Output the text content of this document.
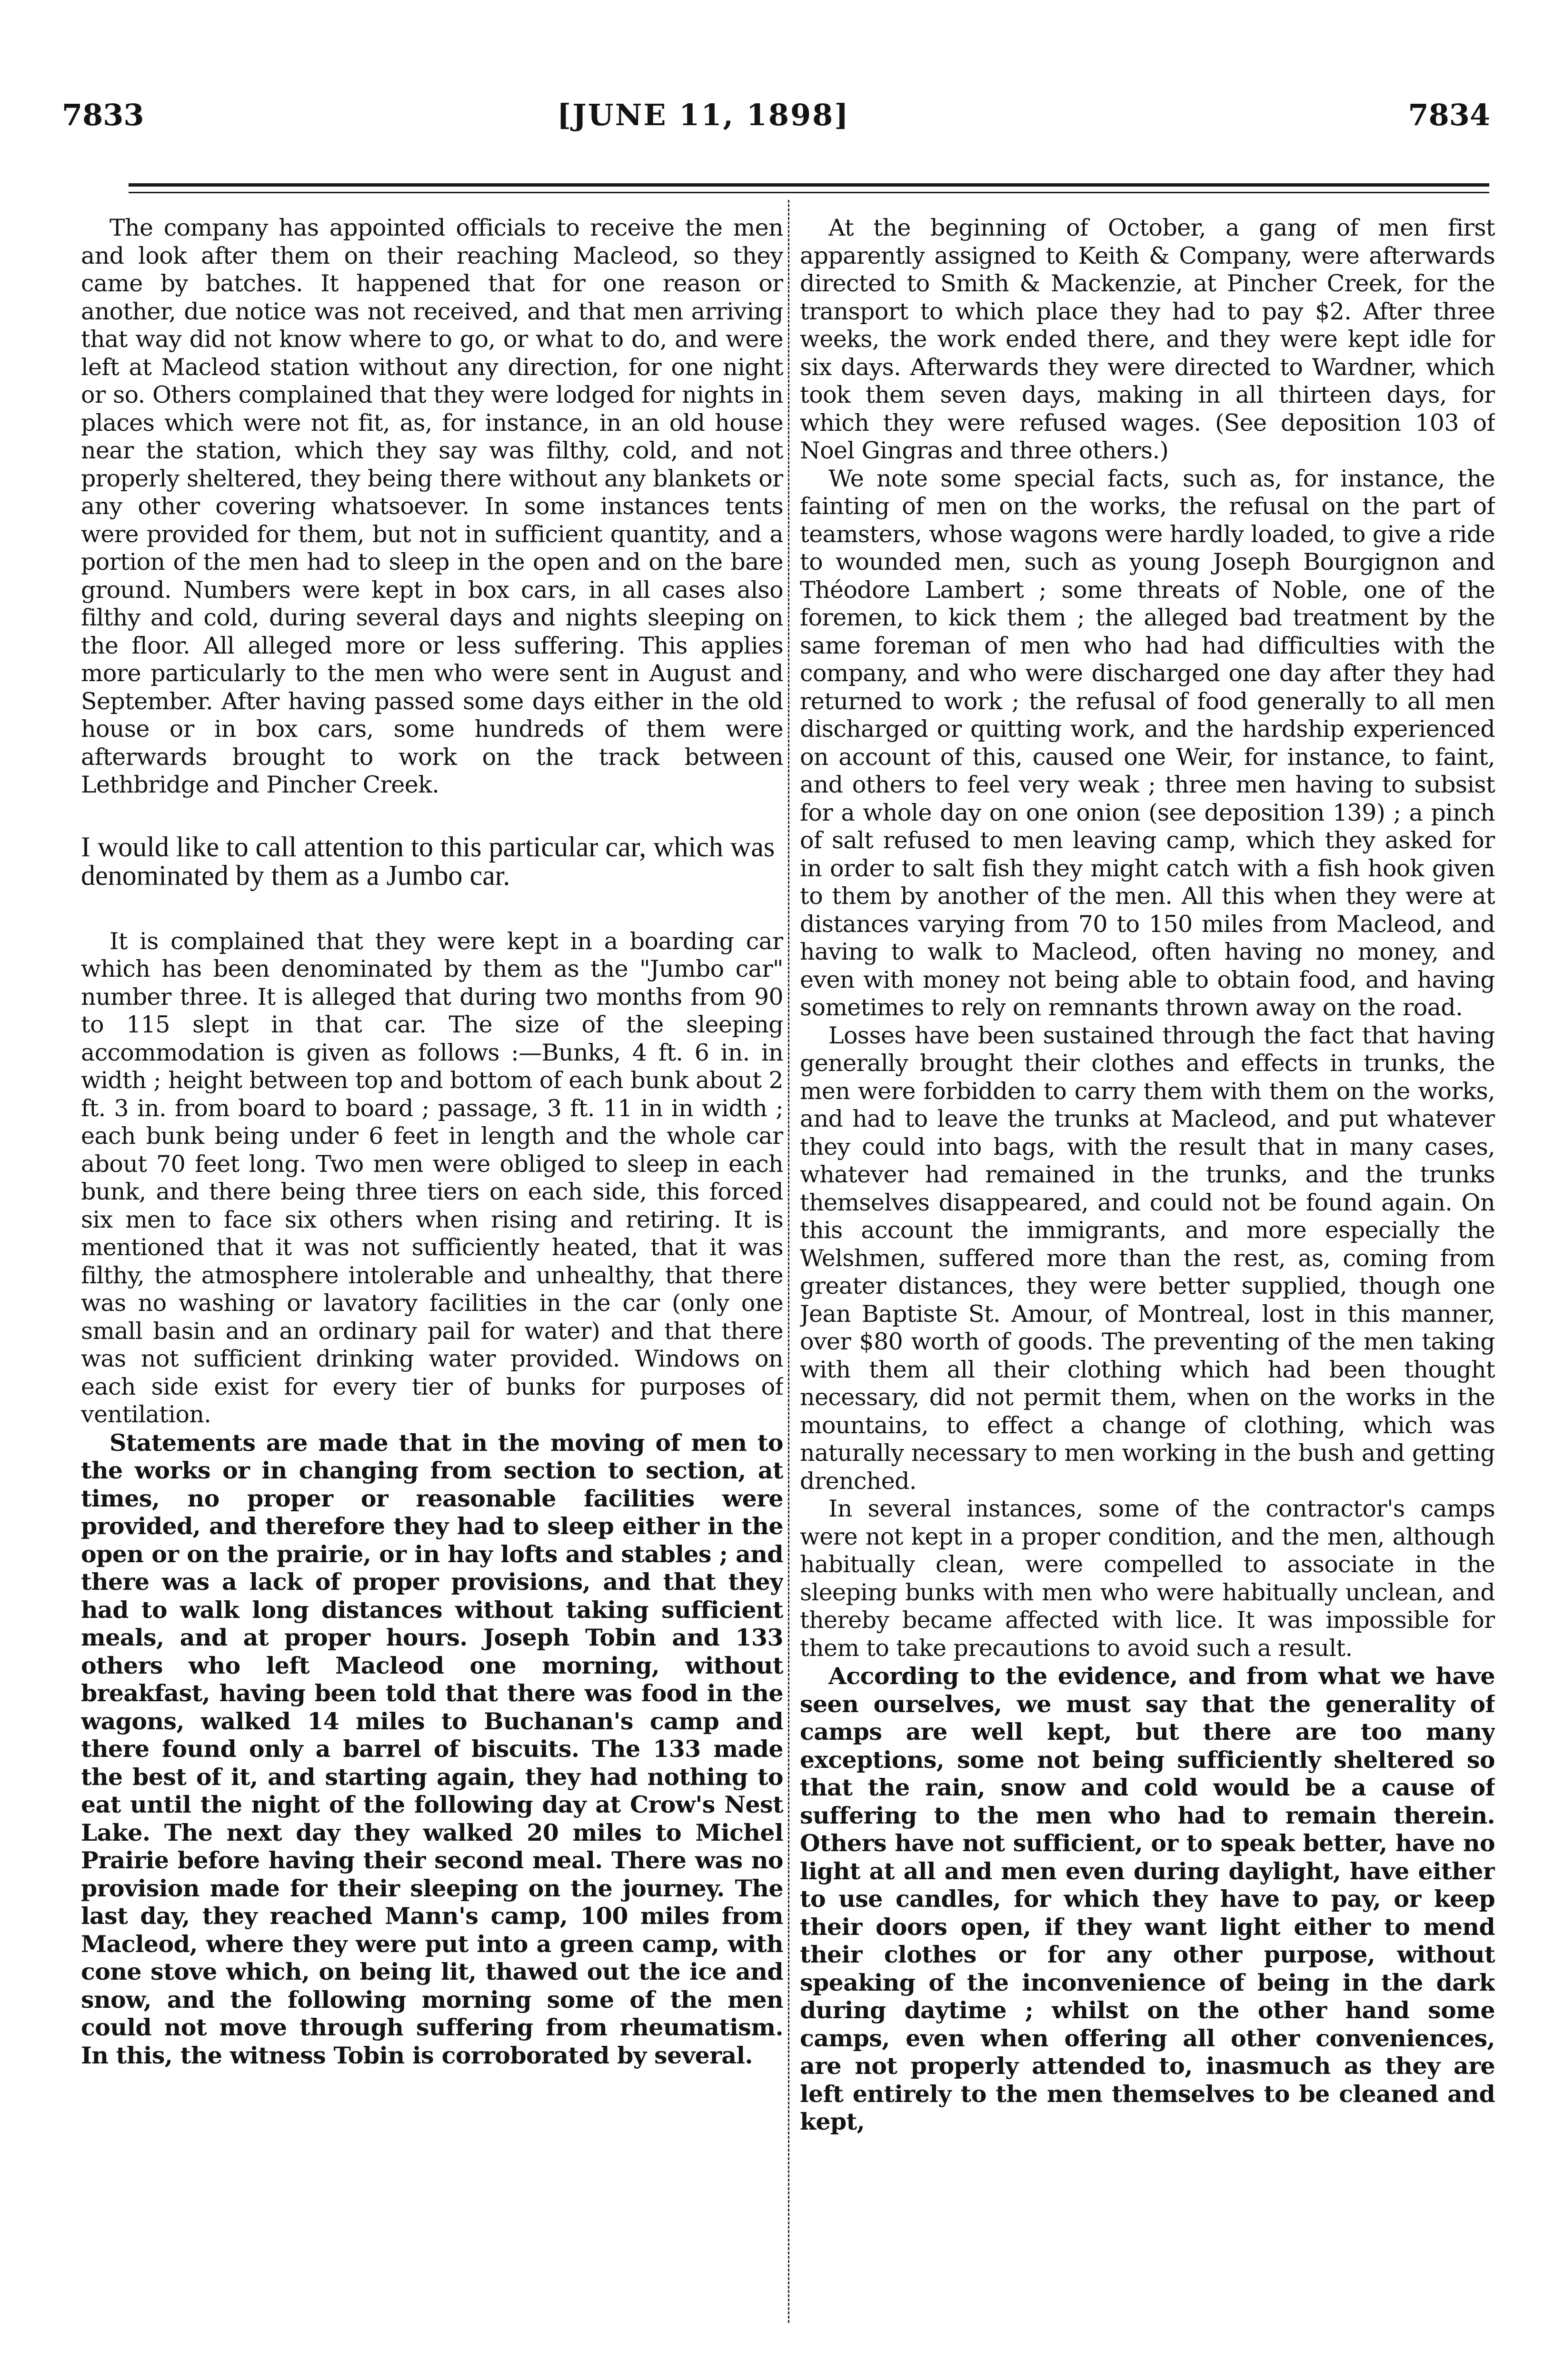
7833	[JUNE 11, 1898]	7834

The company has appointed officials to receive the men and look after them on their reaching Macleod, so they came by batches. It happened that for one reason or another, due notice was not received, and that men arriving that way did not know where to go, or what to do, and were left at Macleod station without any direction, for one night or so. Others complained that they were lodged for nights in places which were not fit, as, for instance, in an old house near the station, which they say was filthy, cold, and not properly sheltered, they being there without any blankets or any other covering whatsoever. In some instances tents were provided for them, but not in sufficient quantity, and a portion of the men had to sleep in the open and on the bare ground. Numbers were kept in box cars, in all cases also filthy and cold, during several days and nights sleeping on the floor. All alleged more or less suffering. This applies more particularly to the men who were sent in August and September. After having passed some days either in the old house or in box cars, some hundreds of them were afterwards brought to work on the track between Lethbridge and Pincher Creek.

I would like to call attention to this particular car, which was denominated by them as a Jumbo car.

It is complained that they were kept in a boarding car which has been denominated by them as the "Jumbo car" number three. It is alleged that during two months from 90 to 115 slept in that car. The size of the sleeping accommodation is given as follows :—Bunks, 4 ft. 6 in. in width ; height between top and bottom of each bunk about 2 ft. 3 in. from board to board ; passage, 3 ft. 11 in in width ; each bunk being under 6 feet in length and the whole car about 70 feet long. Two men were obliged to sleep in each bunk, and there being three tiers on each side, this forced six men to face six others when rising and retiring. It is mentioned that it was not sufficiently heated, that it was filthy, the atmosphere intolerable and unhealthy, that there was no washing or lavatory facilities in the car (only one small basin and an ordinary pail for water) and that there was not sufficient drinking water provided. Windows on each side exist for every tier of bunks for purposes of ventilation.

Statements are made that in the moving of men to the works or in changing from section to section, at times, no proper or reasonable facilities were provided, and therefore they had to sleep either in the open or on the prairie, or in hay lofts and stables ; and there was a lack of proper provisions, and that they had to walk long distances without taking sufficient meals, and at proper hours. Joseph Tobin and 133 others who left Macleod one morning, without breakfast, having been told that there was food in the wagons, walked 14 miles to Buchanan's camp and there found only a barrel of biscuits. The 133 made the best of it, and starting again, they had nothing to eat until the night of the following day at Crow's Nest Lake. The next day they walked 20 miles to Michel Prairie before having their second meal. There was no provision made for their sleeping on the journey. The last day, they reached Mann's camp, 100 miles from Macleod, where they were put into a green camp, with cone stove which, on being lit, thawed out the ice and snow, and the following morning some of the men could not move through suffering from rheumatism. In this, the witness Tobin is corroborated by several.

At the beginning of October, a gang of men first apparently assigned to Keith & Company, were afterwards directed to Smith & Mackenzie, at Pincher Creek, for the transport to which place they had to pay $2. After three weeks, the work ended there, and they were kept idle for six days. Afterwards they were directed to Wardner, which took them seven days, making in all thirteen days, for which they were refused wages. (See deposition 103 of Noel Gingras and three others.)

We note some special facts, such as, for instance, the fainting of men on the works, the refusal on the part of teamsters, whose wagons were hardly loaded, to give a ride to wounded men, such as young Joseph Bourgignon and Théodore Lambert ; some threats of Noble, one of the foremen, to kick them ; the alleged bad treatment by the same foreman of men who had had difficulties with the company, and who were discharged one day after they had returned to work ; the refusal of food generally to all men discharged or quitting work, and the hardship experienced on account of this, caused one Weir, for instance, to faint, and others to feel very weak ; three men having to subsist for a whole day on one onion (see deposition 139) ; a pinch of salt refused to men leaving camp, which they asked for in order to salt fish they might catch with a fish hook given to them by another of the men. All this when they were at distances varying from 70 to 150 miles from Macleod, and having to walk to Macleod, often having no money, and even with money not being able to obtain food, and having sometimes to rely on remnants thrown away on the road.

Losses have been sustained through the fact that having generally brought their clothes and effects in trunks, the men were forbidden to carry them with them on the works, and had to leave the trunks at Macleod, and put whatever they could into bags, with the result that in many cases, whatever had remained in the trunks, and the trunks themselves disappeared, and could not be found again. On this account the immigrants, and more especially the Welshmen, suffered more than the rest, as, coming from greater distances, they were better supplied, though one Jean Baptiste St. Amour, of Montreal, lost in this manner, over $80 worth of goods. The preventing of the men taking with them all their clothing which had been thought necessary, did not permit them, when on the works in the mountains, to effect a change of clothing, which was naturally necessary to men working in the bush and getting drenched.

In several instances, some of the contractor's camps were not kept in a proper condition, and the men, although habitually clean, were compelled to associate in the sleeping bunks with men who were habitually unclean, and thereby became affected with lice. It was impossible for them to take precautions to avoid such a result.

According to the evidence, and from what we have seen ourselves, we must say that the generality of camps are well kept, but there are too many exceptions, some not being sufficiently sheltered so that the rain, snow and cold would be a cause of suffering to the men who had to remain therein. Others have not sufficient, or to speak better, have no light at all and men even during daylight, have either to use candles, for which they have to pay, or keep their doors open, if they want light either to mend their clothes or for any other purpose, without speaking of the inconvenience of being in the dark during daytime ; whilst on the other hand some camps, even when offering all other conveniences, are not properly attended to, inasmuch as they are left entirely to the men themselves to be cleaned and kept,
